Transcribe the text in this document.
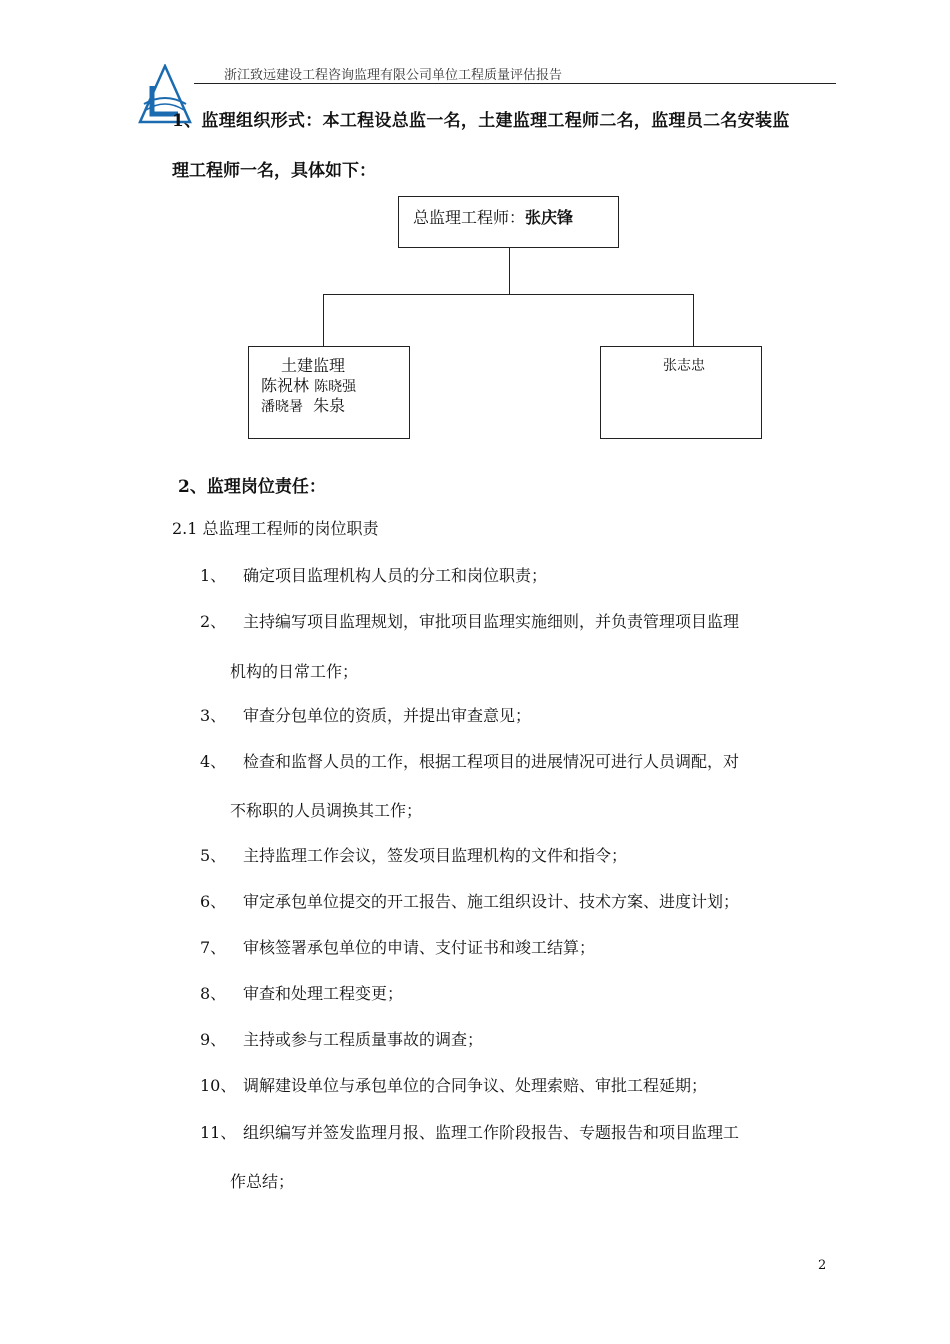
浙江致远建设工程咨询监理有限公司单位工程质量评估报告
1、监理组织形式：本工程设总监一名，土建监理工程师二名，监理员二名安装监
理工程师一名，具体如下：
总监理工程师：张庆锋
土建监理
陈祝林 陈晓强
潘晓暑 朱泉
张志忠
2、监理岗位责任：
2.1 总监理工程师的岗位职责
1、 确定项目监理机构人员的分工和岗位职责；
2、 主持编写项目监理规划，审批项目监理实施细则，并负责管理项目监理
机构的日常工作；
3、 审查分包单位的资质，并提出审查意见；
4、 检查和监督人员的工作，根据工程项目的进展情况可进行人员调配，对
不称职的人员调换其工作；
5、 主持监理工作会议，签发项目监理机构的文件和指令；
6、 审定承包单位提交的开工报告、施工组织设计、技术方案、进度计划；
7、 审核签署承包单位的申请、支付证书和竣工结算；
8、 审查和处理工程变更；
9、 主持或参与工程质量事故的调查；
10、 调解建设单位与承包单位的合同争议、处理索赔、审批工程延期；
11、 组织编写并签发监理月报、监理工作阶段报告、专题报告和项目监理工
作总结；
2
